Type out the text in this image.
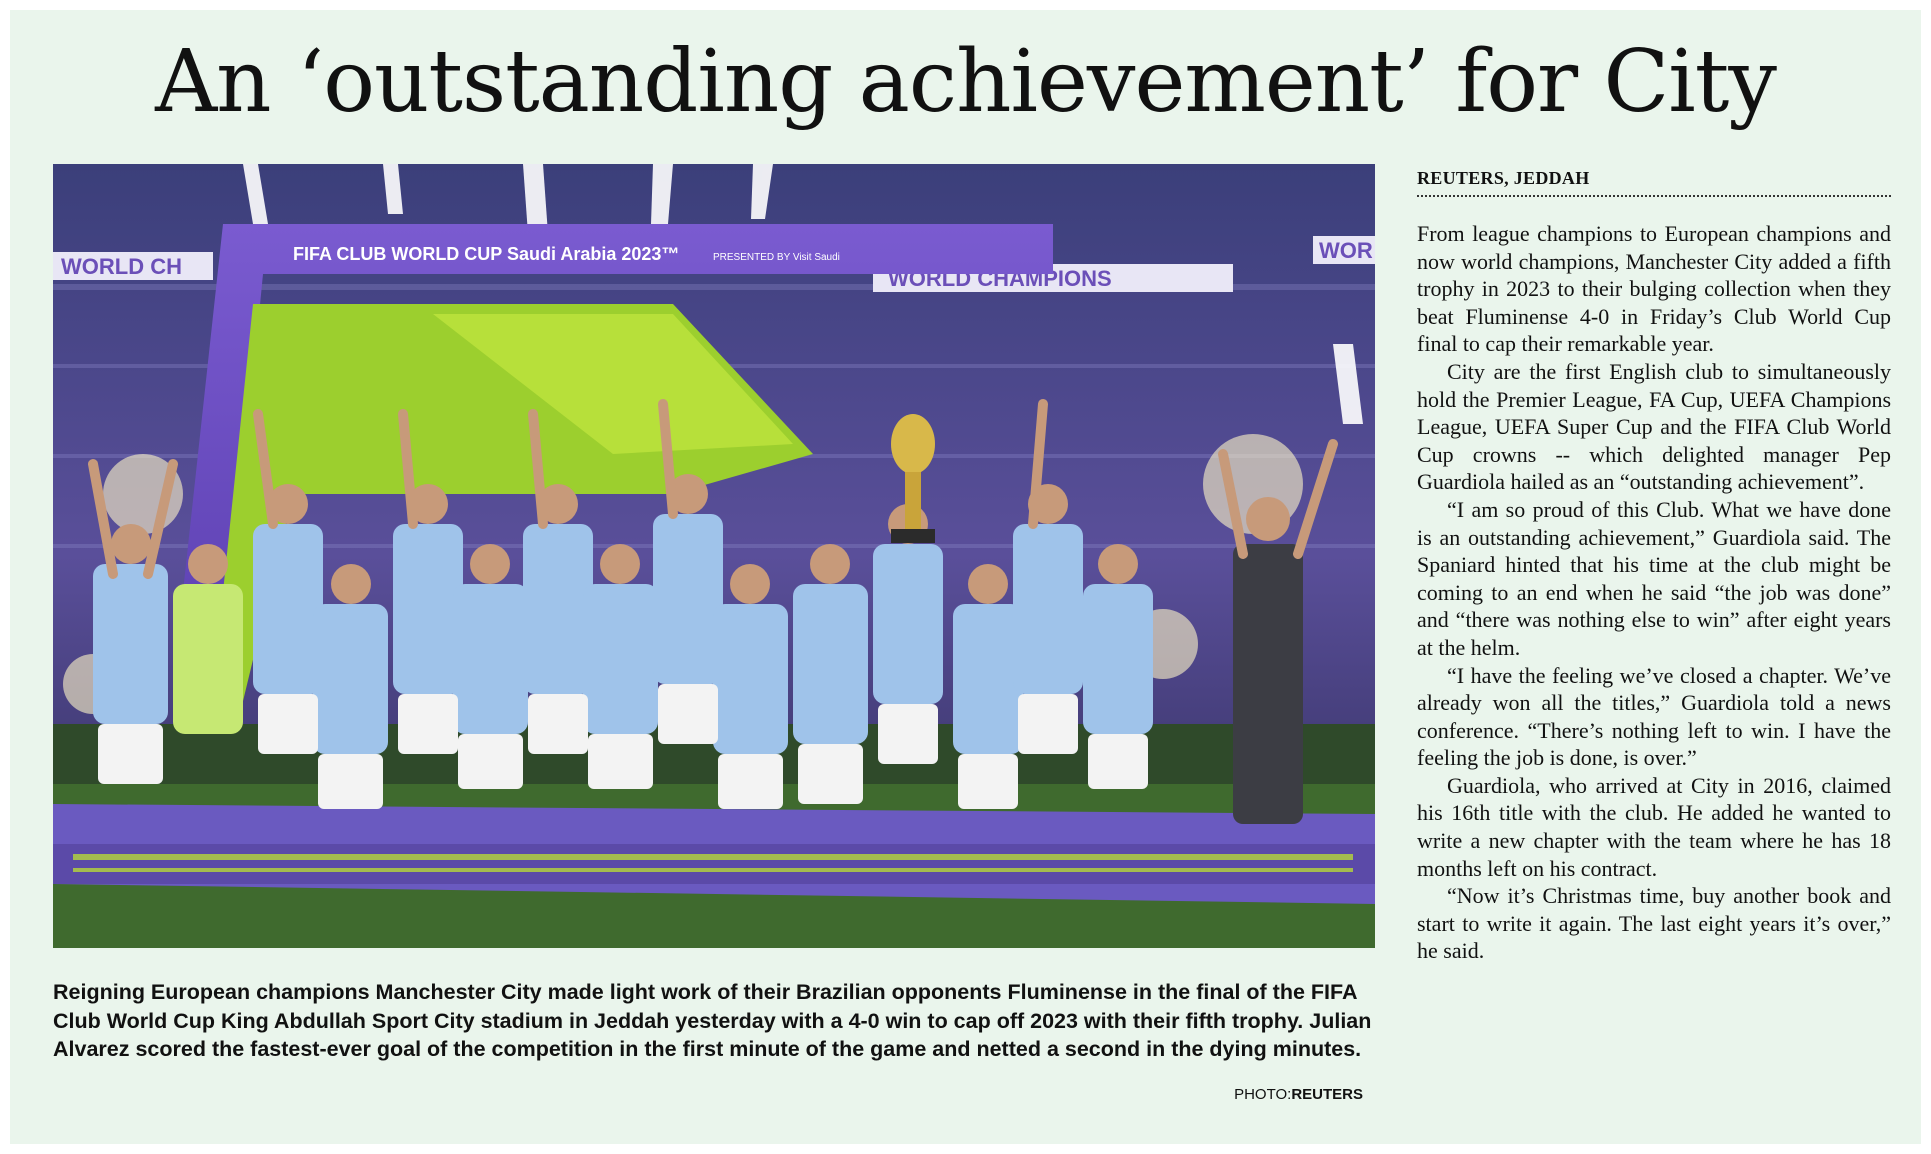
An ‘outstanding achievement’ for City
WORLD CH	WORLD CHAMPIONS
WOR
FIFA CLUB WORLD CUP Saudi Arabia 2023™	PRESENTED BY Visit Saudi
Reigning European champions Manchester City made light work of their Brazilian opponents Fluminense in the final of the FIFA Club World Cup King Abdullah Sport City stadium in Jeddah yesterday with a 4-0 win to cap off 2023 with their fifth trophy. Julian Alvarez scored the fastest-ever goal of the competition in the first minute of the game and netted a second in the dying minutes.
PHOTO:REUTERS
REUTERS, JEDDAH

From league champions to European champions and now world champions, Manchester City added a fifth trophy in 2023 to their bulging collection when they beat Fluminense 4-0 in Friday’s Club World Cup final to cap their remarkable year.

City are the first English club to simultaneously hold the Premier League, FA Cup, UEFA Champions League, UEFA Super Cup and the FIFA Club World Cup crowns -- which delighted manager Pep Guardiola hailed as an “outstanding achievement”.

“I am so proud of this Club. What we have done is an outstanding achievement,” Guardiola said. The Spaniard hinted that his time at the club might be coming to an end when he said “the job was done” and “there was nothing else to win” after eight years at the helm.

“I have the feeling we’ve closed a chapter. We’ve already won all the titles,” Guardiola told a news conference. “There’s nothing left to win. I have the feeling the job is done, is over.”

Guardiola, who arrived at City in 2016, claimed his 16th title with the club. He added he wanted to write a new chapter with the team where he has 18 months left on his contract.

“Now it’s Christmas time, buy another book and start to write it again. The last eight years it’s over,” he said.
